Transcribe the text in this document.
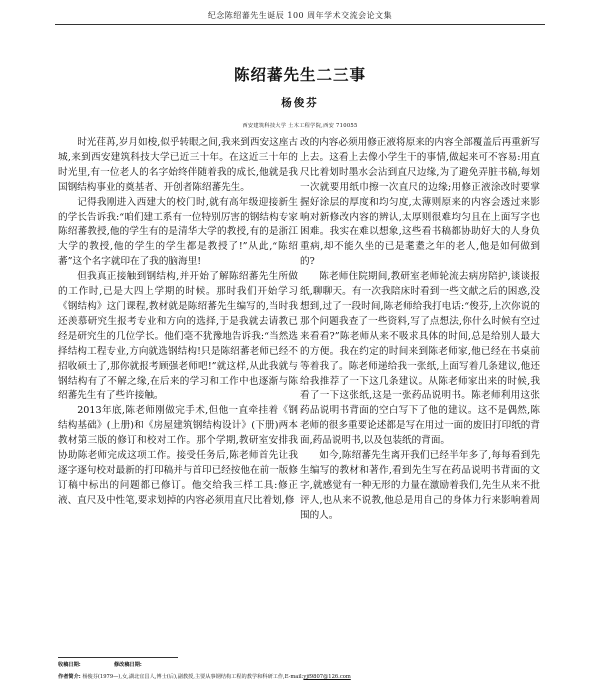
纪念陈绍蕃先生诞辰 100 周年学术交流会论文集
陈绍蕃先生二三事
杨俊芬
西安建筑科技大学 土木工程学院,西安 710055

时光荏苒,岁月如梭,似乎转眼之间,我来到西安这座古城,来到西安建筑科技大学已近三十年。在这近三十年的时光里,有一位老人的名字始终伴随着我的成长,他就是我国钢结构事业的奠基者、开创者陈绍蕃先生。

记得我刚进入西建大的校门时,就有高年级迎接新生的学长告诉我:“咱们建工系有一位特别厉害的钢结构专家陈绍蕃教授,他的学生有的是清华大学的教授,有的是浙江大学的教授,他的学生的学生都是教授了!”从此,“陈绍蕃”这个名字就印在了我的脑海里!

但我真正接触到钢结构,并开始了解陈绍蕃先生所做的工作时,已是大四上学期的时候。那时我们开始学习《钢结构》这门课程,教材就是陈绍蕃先生编写的,当时我还羡慕研究生报考专业和方向的选择,于是我就去请教已经是研究生的几位学长。他们毫不犹豫地告诉我:“当然选择结构工程专业,方向就选钢结构!只是陈绍蕃老师已经不招收硕士了,那你就报考顾强老师吧!”就这样,从此我就与钢结构有了不解之缘,在后来的学习和工作中也逐渐与陈绍蕃先生有了些许接触。

2013年底,陈老师刚做完手术,但他一直牵挂着《钢结构基础》(上册)和《房屋建筑钢结构设计》(下册)两本教材第三版的修订和校对工作。那个学期,教研室安排我协助陈老师完成这项工作。接受任务后,陈老师首先让我逐字逐句校对最新的打印稿并与首印已经按他在前一版修订稿中标出的问题都已修订。他交给我三样工具:修正液、直尺及中性笔,要求划掉的内容必须用直尺比着划,修

改的内容必须用修正液将原来的内容全部覆盖后再重新写上去。这看上去像小学生干的事情,做起来可不容易:用直尺比着划时墨水会沾到直尺边缘,为了避免弄脏书稿,每划一次就要用纸巾擦一次直尺的边缘;用修正液涂改时要掌握好涂层的厚度和均匀度,太薄则原来的内容会透过来影响对新修改内容的辨认,太厚则很难均匀且在上面写字也困难。我实在难以想象,这些看书稿都协助好大的人身负重病,却不能久坐的已是耄耋之年的老人,他是如何做到的?

陈老师住院期间,教研室老师轮流去病房陪护,谈谈报纸,聊聊天。有一次我陪床时看到一些文献之后的困惑,没想到,过了一段时间,陈老师给我打电话:“俊芬,上次你说的那个问题我查了一些资料,写了点想法,你什么时候有空过来看看?”陈老师从来不吸求具体的时间,总是给别人最大的方便。我在约定的时间来到陈老师家,他已经在书桌前等着我了。陈老师递给我一张纸,上面写着几条建议,他还给我推荐了一下这几条建议。从陈老师家出来的时候,我看了一下这张纸,这是一张药品说明书。陈老师利用这张药品说明书背面的空白写下了他的建议。这不是偶然,陈老师的很多重要论述都是写在用过一面的废旧打印纸的背面,药品说明书,以及包装纸的背面。

如今,陈绍蕃先生离开我们已经半年多了,每每看到先生编写的教材和著作,看到先生写在药品说明书背面的文字,就感觉有一种无形的力量在激励着我们,先生从来不批评人,也从来不说教,他总是用自己的身体力行来影响着周围的人。

收稿日期:	修改稿日期:
作者简介: 杨俊芬(1979—),女,湖北宜昌人,博士(后),副教授,主要从事钢结构工程的教学和科研工作,E-mail:yjf9807@126.com
